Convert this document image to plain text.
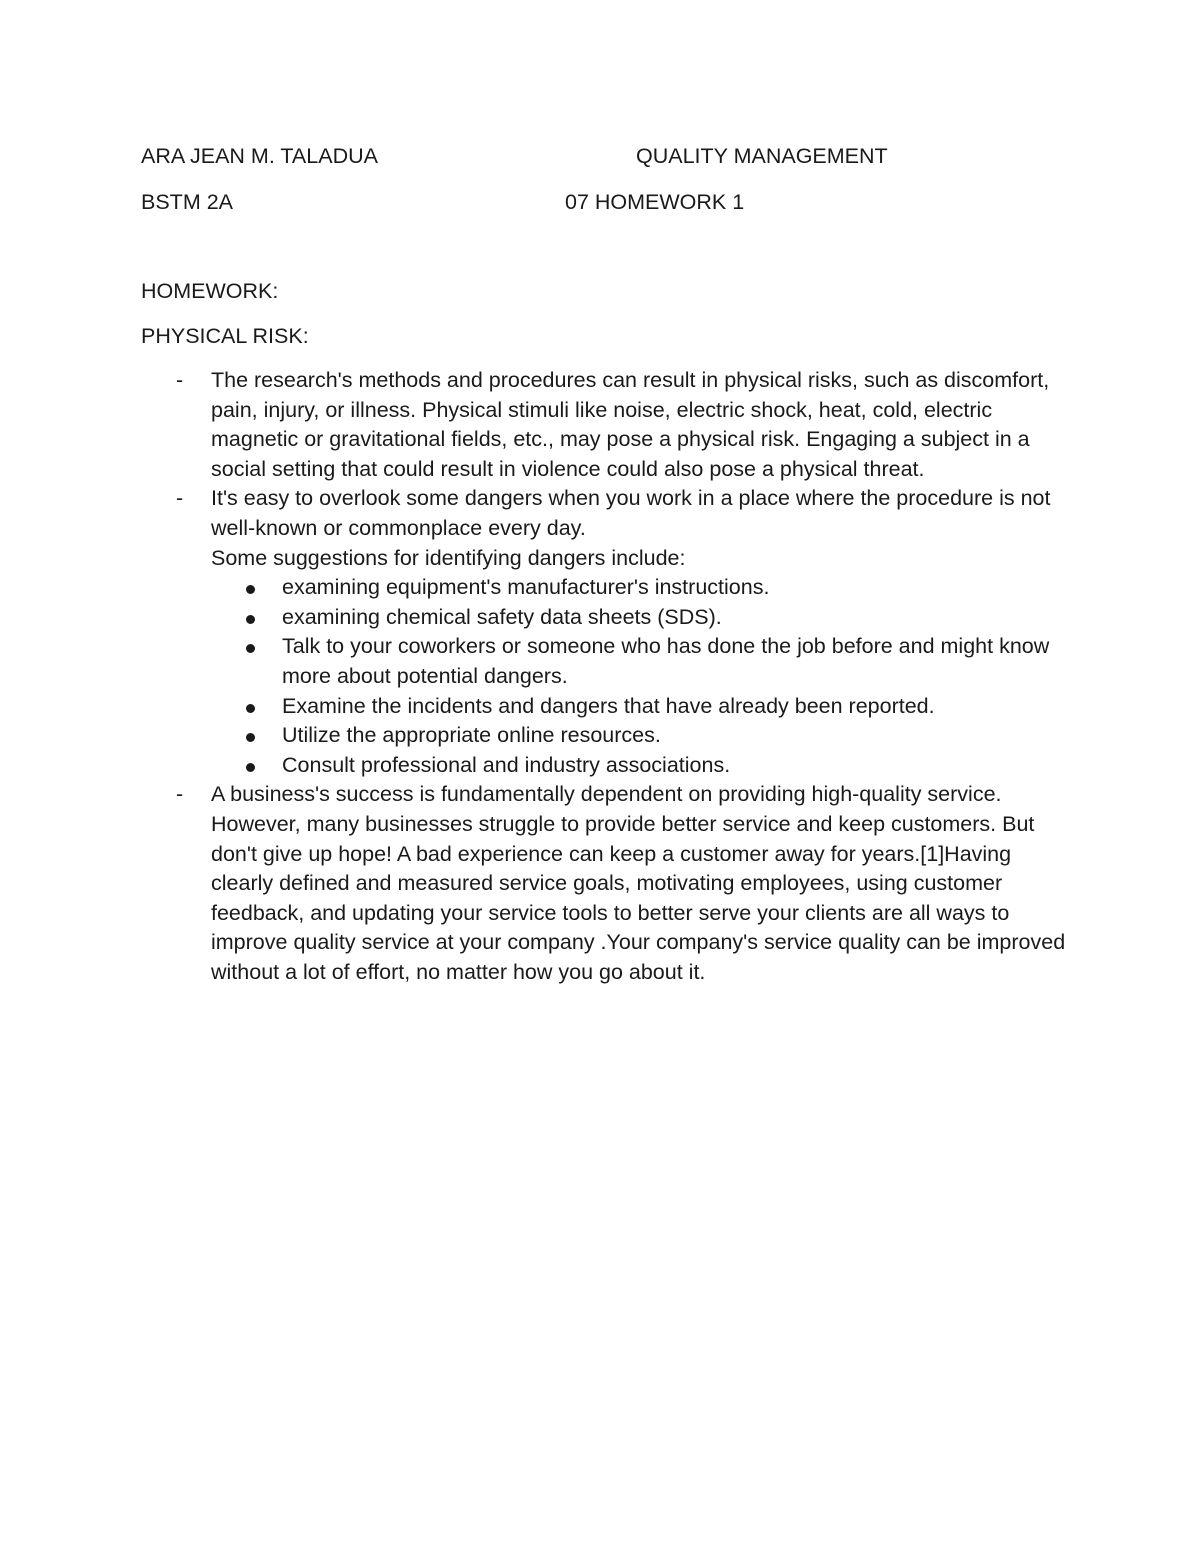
ARA JEAN M. TALADUA	QUALITY MANAGEMENT
BSTM 2A	07 HOMEWORK 1
HOMEWORK:
PHYSICAL RISK:
- The research's methods and procedures can result in physical risks, such as discomfort, pain, injury, or illness. Physical stimuli like noise, electric shock, heat, cold, electric magnetic or gravitational fields, etc., may pose a physical risk. Engaging a subject in a social setting that could result in violence could also pose a physical threat.
- It's easy to overlook some dangers when you work in a place where the procedure is not well-known or commonplace every day.
Some suggestions for identifying dangers include:
examining equipment's manufacturer's instructions.
examining chemical safety data sheets (SDS).
Talk to your coworkers or someone who has done the job before and might know more about potential dangers.
Examine the incidents and dangers that have already been reported.
Utilize the appropriate online resources.
Consult professional and industry associations.
- A business's success is fundamentally dependent on providing high-quality service. However, many businesses struggle to provide better service and keep customers. But don't give up hope! A bad experience can keep a customer away for years.[1]Having clearly defined and measured service goals, motivating employees, using customer feedback, and updating your service tools to better serve your clients are all ways to improve quality service at your company .Your company's service quality can be improved without a lot of effort, no matter how you go about it.
